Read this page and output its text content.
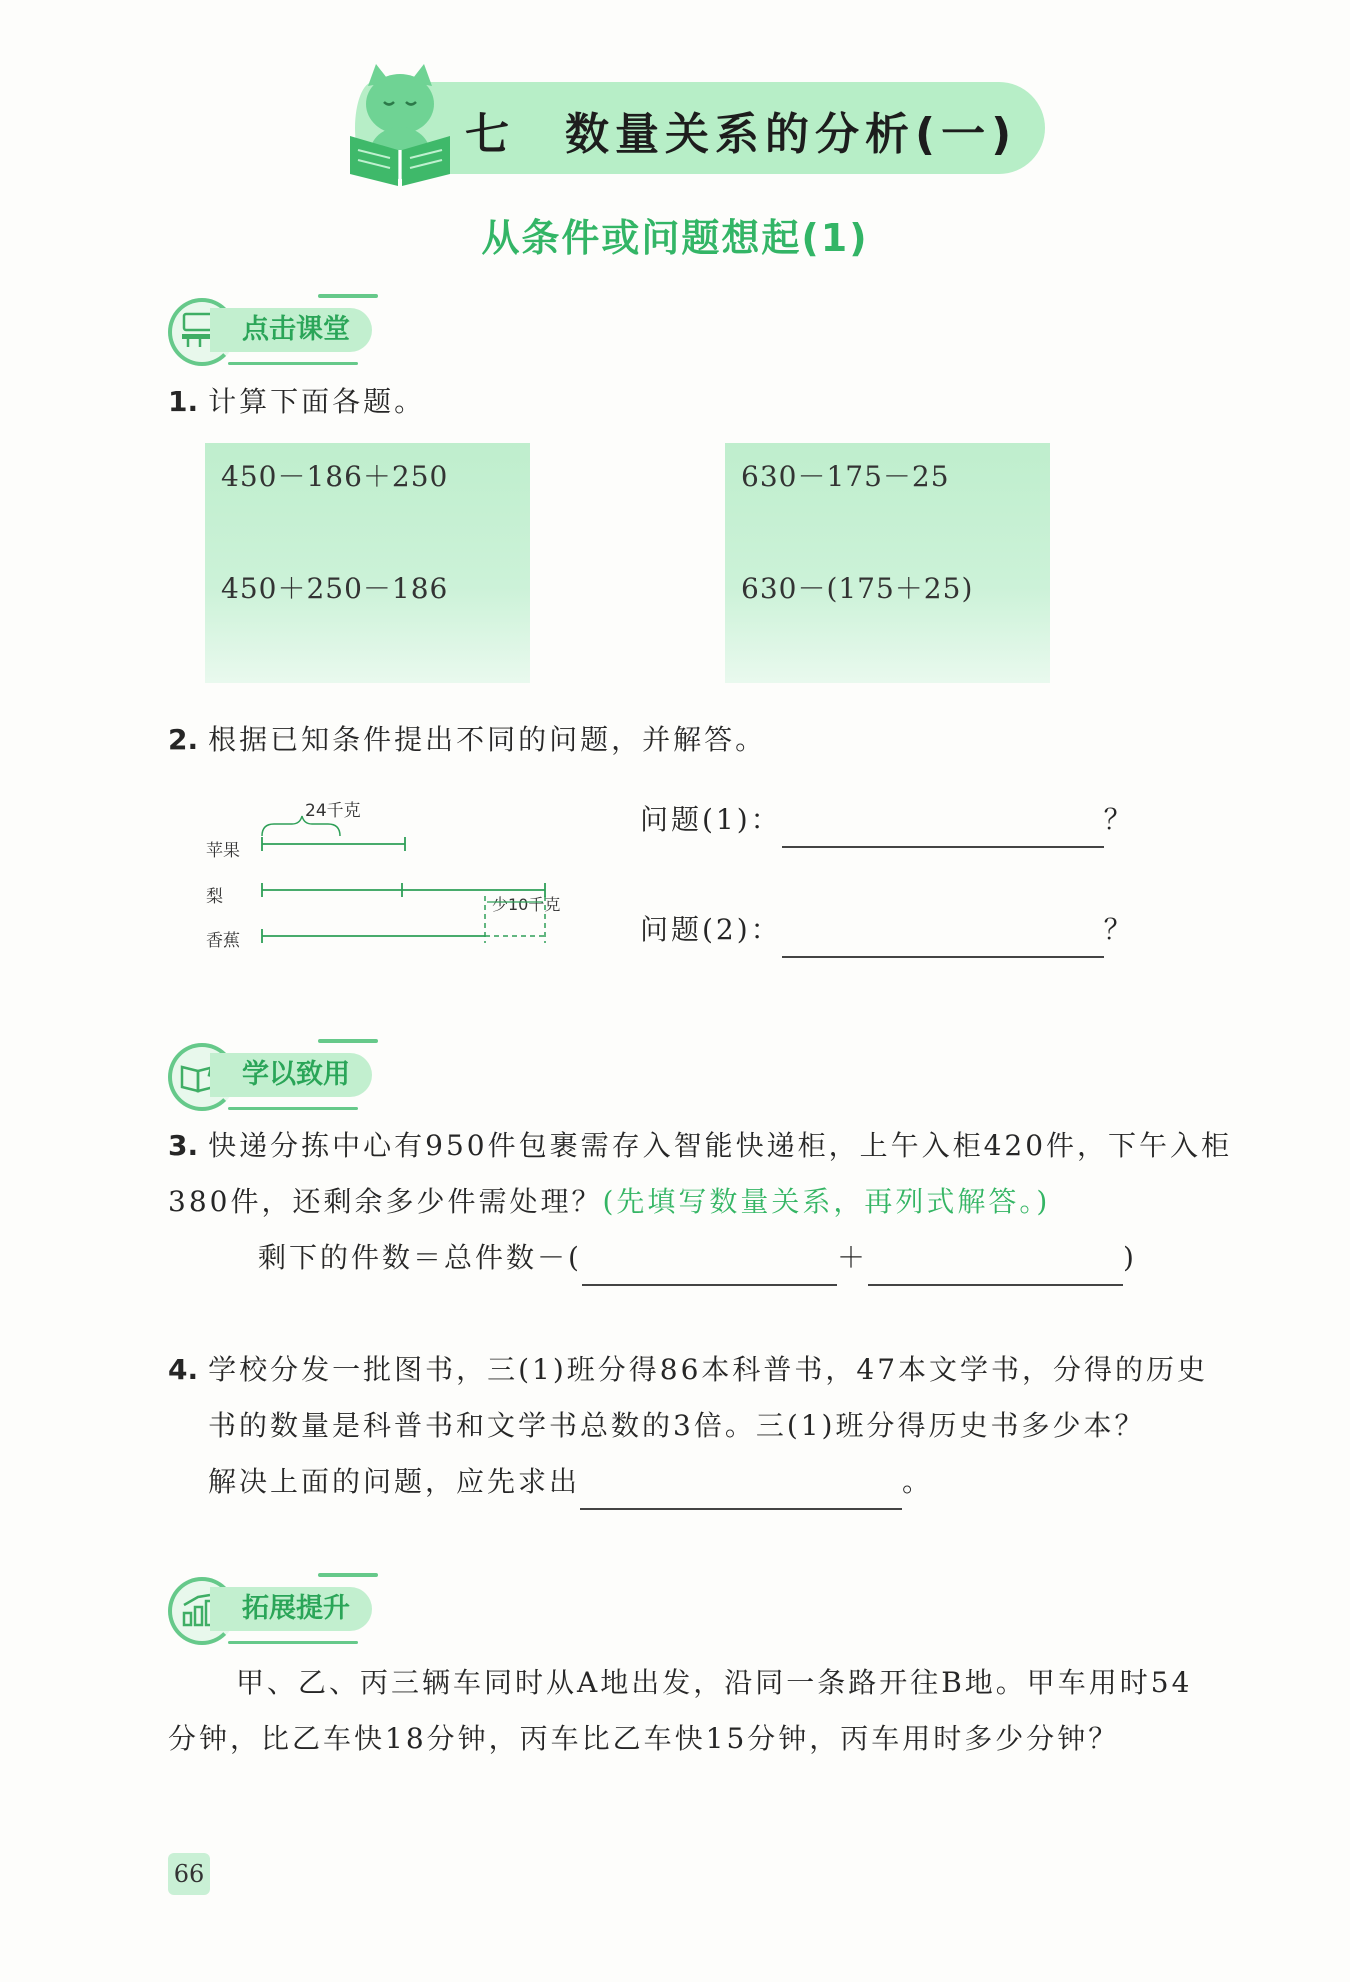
七　数量关系的分析(一)
从条件或问题想起(1)
点击课堂
1. 计算下面各题。
450－186＋250
450＋250－186
630－175－25
630－(175＋25)
2. 根据已知条件提出不同的问题，并解答。
24千克
苹果
梨
香蕉
少10千克
问题(1)：	？
问题(2)：	？
学以致用
3. 快递分拣中心有950件包裹需存入智能快递柜，上午入柜420件，下午入柜380件，还剩余多少件需处理？(先填写数量关系，再列式解答。)
剩下的件数＝总件数－(	＋	)
4. 学校分发一批图书，三(1)班分得86本科普书，47本文学书，分得的历史
书的数量是科普书和文学书总数的3倍。三(1)班分得历史书多少本？
解决上面的问题，应先求出	。
拓展提升
甲、乙、丙三辆车同时从A地出发，沿同一条路开往B地。甲车用时54
分钟，比乙车快18分钟，丙车比乙车快15分钟，丙车用时多少分钟？
66
